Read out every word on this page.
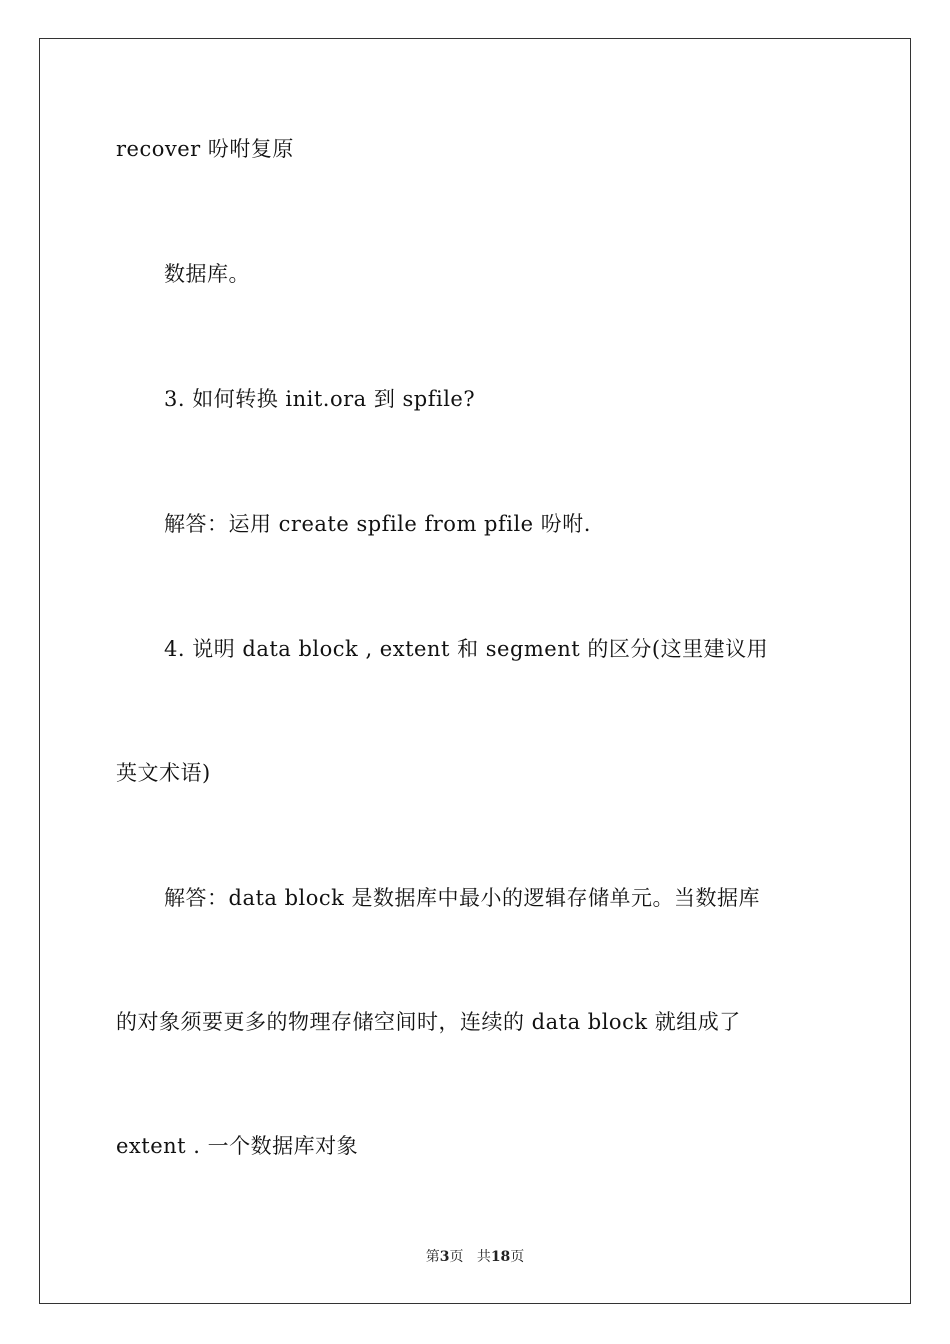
recover 吩咐复原
数据库。
3. 如何转换 init.ora 到 spfile?
解答：运用 create spfile from pfile 吩咐.
4. 说明 data block , extent 和 segment 的区分(这里建议用
英文术语)
解答：data block 是数据库中最小的逻辑存储单元。当数据库
的对象须要更多的物理存储空间时，连续的 data block 就组成了
extent . 一个数据库对象
第3页 共18页
